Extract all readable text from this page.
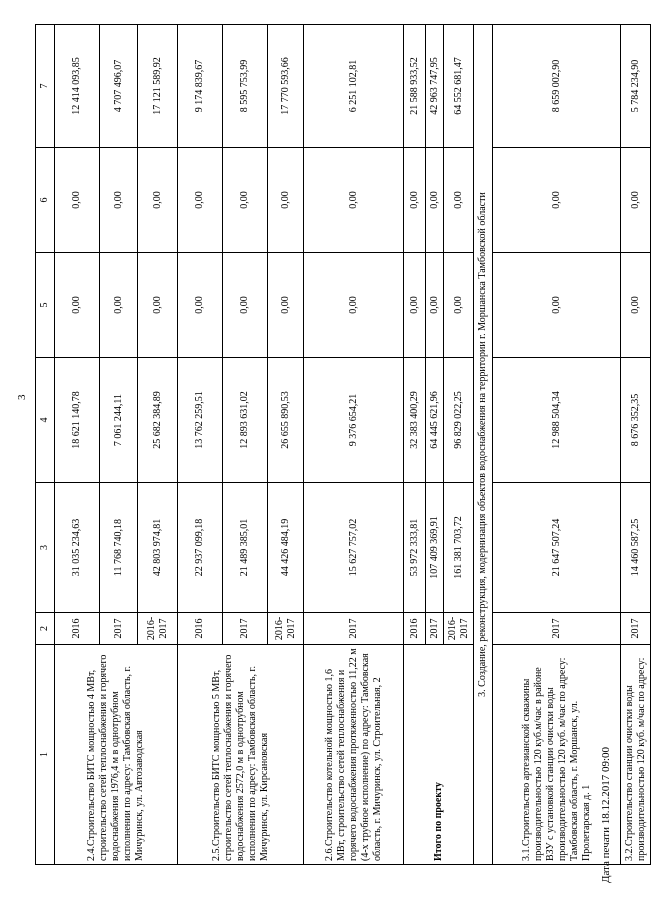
3
1	2	3	4	5	6	7
2.4.Строительство БИТС мощностью 4 МВт, строительство сетей теплоснабжения и горячего водоснабжения 1976,4 м в однотрубном исполнении по адресу: Тамбовская область, г. Мичуринск, ул. Автозаводская	2016	31 035 234,63	18 621 140,78	0,00	0,00	12 414 093,85
	2017	11 768 740,18	7 061 244,11	0,00	0,00	4 707 496,07
	2016-2017	42 803 974,81	25 682 384,89	0,00	0,00	17 121 589,92
2.5.Строительство БИТС мощностью 5 МВт, строительство сетей теплоснабжения и горячего водоснабжения 2572,0 м в однотрубном исполнении по адресу: Тамбовская область, г. Мичуринск, ул. Кирсановская	2016	22 937 099,18	13 762 259,51	0,00	0,00	9 174 839,67
	2017	21 489 385,01	12 893 631,02	0,00	0,00	8 595 753,99
	2016-2017	44 426 484,19	26 655 890,53	0,00	0,00	17 770 593,66
2.6.Строительство котельной мощностью 1,6 МВт, строительство сетей теплоснабжения и горячего водоснабжения протяженностью 11,22 м (4-х трубное исполнение) по адресу: Тамбовская область, г. Мичуринск, ул. Строительная, 2	2017	15 627 757,02	9 376 654,21	0,00	0,00	6 251 102,81
Итого по проекту	2016	53 972 333,81	32 383 400,29	0,00	0,00	21 588 933,52
	2017	107 409 369,91	64 445 621,96	0,00	0,00	42 963 747,95
	2016-2017	161 381 703,72	96 829 022,25	0,00	0,00	64 552 681,47
3. Создание, реконструкция, модернизация объектов водоснабжения на территории г. Моршанска Тамбовской области						
3.1.Строительство артезианской скважины производительностью 120 куб.м/час в районе ВЗУ с установкой станции очистки воды производительностью 120 куб. м/час по адресу: Тамбовская область, г. Моршанск, ул. Пролетарская д. 1	2017	21 647 507,24	12 988 504,34	0,00	0,00	8 659 002,90
3.2.Строительство станции очистки воды производительностью 120 куб. м/час по адресу:	2017	14 460 587,25	8 676 352,35	0,00	0,00	5 784 234,90
Дата печати 18.12.2017 09:00
